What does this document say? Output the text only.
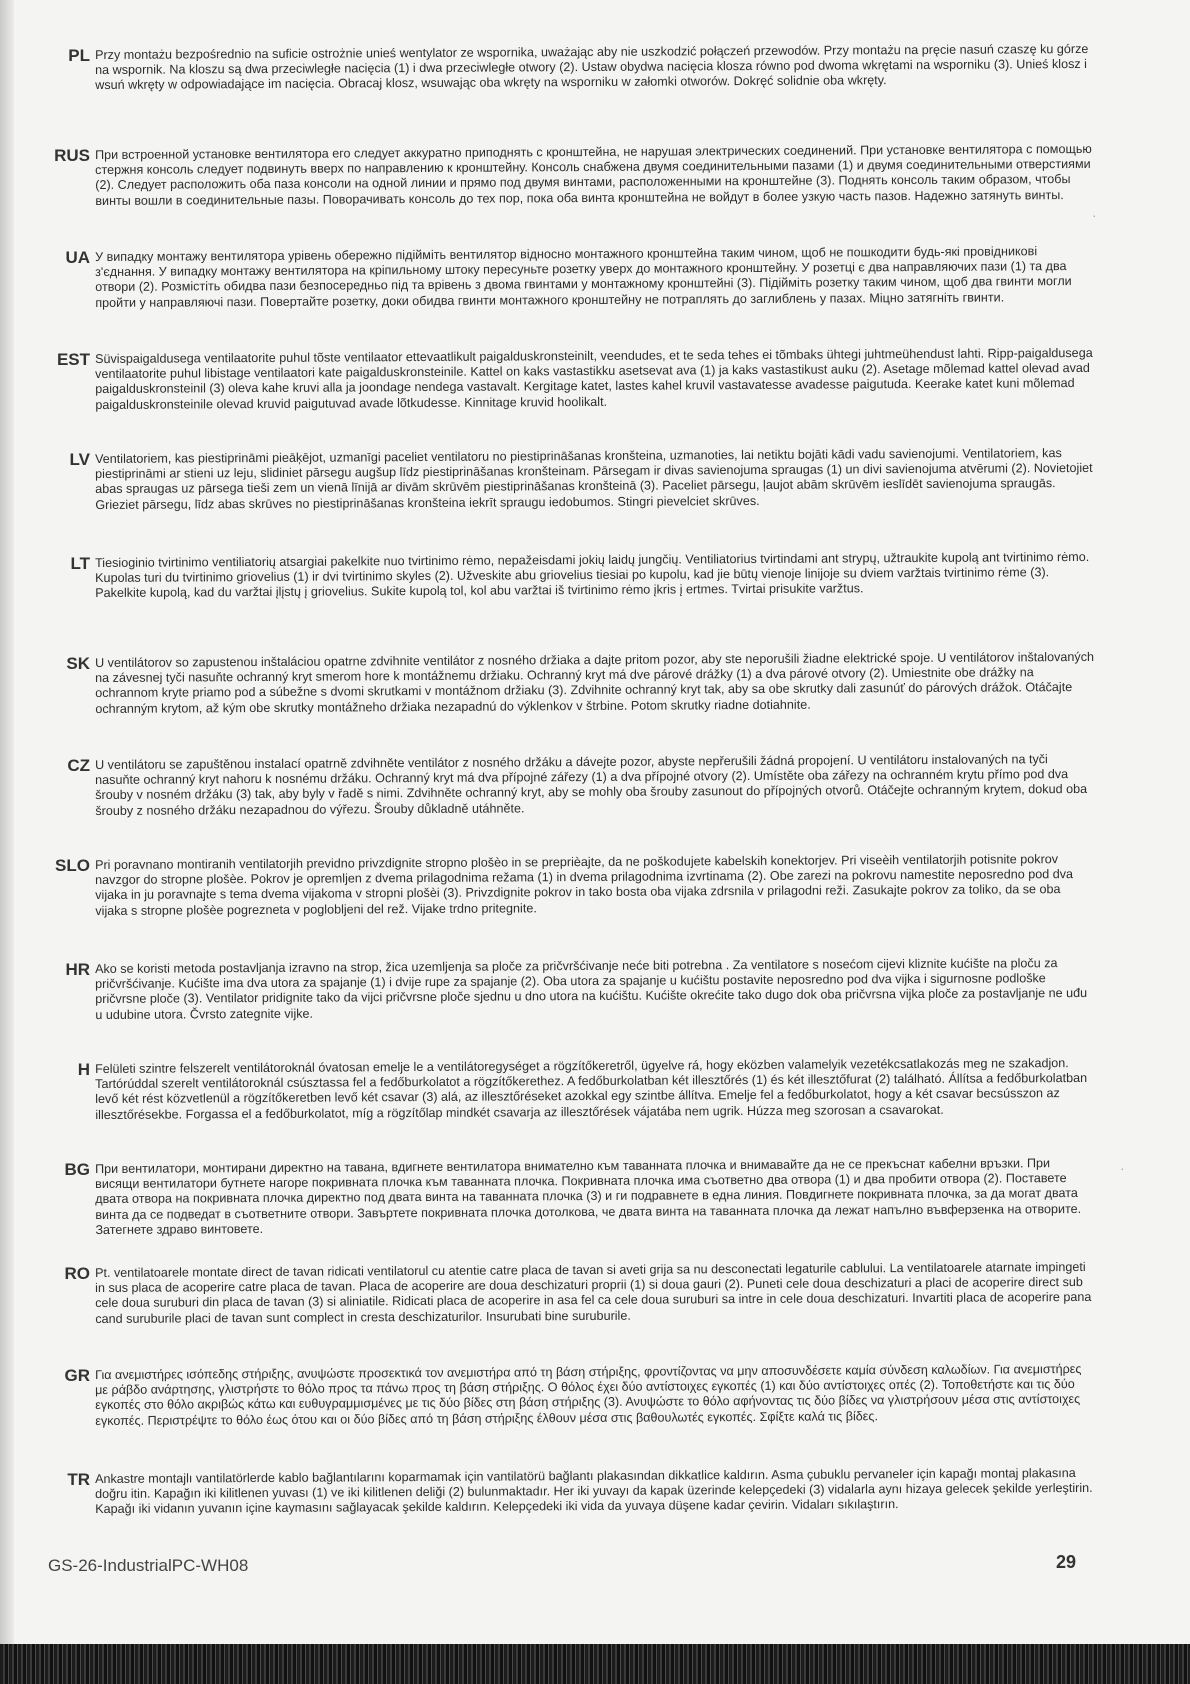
PL Przy montażu bezpośrednio na suficie ostrożnie unieś wentylator ze wspornika, uważając aby nie uszkodzić połączeń przewodów. Przy montażu na pręcie nasuń czaszę ku górze na wspornik. Na kloszu są dwa przeciwległe nacięcia (1) i dwa przeciwległe otwory (2). Ustaw obydwa nacięcia klosza równo pod dwoma wkrętami na wsporniku (3). Unieś klosz i wsuń wkręty w odpowiadające im nacięcia. Obracaj klosz, wsuwając oba wkręty na wsporniku w załomki otworów. Dokręć solidnie oba wkręty.

RUS При встроенной установке вентилятора его следует аккуратно приподнять с кронштейна, не нарушая электрических соединений. При установке вентилятора с помощью стержня консоль следует подвинуть вверх по направлению к кронштейну. Консоль снабжена двумя соединительными пазами (1) и двумя соединительными отверстиями (2). Следует расположить оба паза консоли на одной линии и прямо под двумя винтами, расположенными на кронштейне (3). Поднять консоль таким образом, чтобы винты вошли в соединительные пазы. Поворачивать консоль до тех пор, пока оба винта кронштейна не войдут в более узкую часть пазов. Надежно затянуть винты.

UA У випадку монтажу вентилятора урівень обережно підійміть вентилятор відносно монтажного кронштейна таким чином, щоб не пошкодити будь-які провідникові з'єднання. У випадку монтажу вентилятора на кріпильному штоку пересуньте розетку уверх до монтажного кронштейну. У розетці є два направляючих пази (1) та два отвори (2). Розмістіть обидва пази безпосередньо під та врівень з двома гвинтами у монтажному кронштейні (3). Підійміть розетку таким чином, щоб два гвинти могли пройти у направляючі пази. Повертайте розетку, доки обидва гвинти монтажного кронштейну не потраплять до заглиблень у пазах. Міцно затягніть гвинти.

EST Süvispaigaldusega ventilaatorite puhul tõste ventilaator ettevaatlikult paigalduskronsteinilt, veendudes, et te seda tehes ei tõmbaks ühtegi juhtmeühendust lahti. Ripp-paigaldusega ventilaatorite puhul libistage ventilaatori kate paigalduskronsteinile. Kattel on kaks vastastikku asetsevat ava (1) ja kaks vastastikust auku (2). Asetage mõlemad kattel olevad avad paigalduskronsteinil (3) oleva kahe kruvi alla ja joondage nendega vastavalt. Kergitage katet, lastes kahel kruvil vastavatesse avadesse paigutuda. Keerake katet kuni mõlemad paigalduskronsteinile olevad kruvid paigutuvad avade lõtkudesse. Kinnitage kruvid hoolikalt.

LV Ventilatoriem, kas piestiprināmi pieāķējot, uzmanīgi paceliet ventilatoru no piestiprināšanas kronšteina, uzmanoties, lai netiktu bojāti kādi vadu savienojumi. Ventilatoriem, kas piestiprināmi ar stieni uz leju, slidiniet pārsegu augšup līdz piestiprināšanas kronšteinam. Pārsegam ir divas savienojuma spraugas (1) un divi savienojuma atvērumi (2). Novietojiet abas spraugas uz pārsega tieši zem un vienā līnijā ar divām skrūvēm piestiprināšanas kronšteinā (3). Paceliet pārsegu, ļaujot abām skrūvēm ieslīdēt savienojuma spraugās. Grieziet pārsegu, līdz abas skrūves no piestiprināšanas kronšteina iekrīt spraugu iedobumos. Stingri pievelciet skrūves.

LT Tiesioginio tvirtinimo ventiliatorių atsargiai pakelkite nuo tvirtinimo rėmo, nepažeisdami jokių laidų jungčių. Ventiliatorius tvirtindami ant strypų, užtraukite kupolą ant tvirtinimo rėmo. Kupolas turi du tvirtinimo griovelius (1) ir dvi tvirtinimo skyles (2). Užveskite abu griovelius tiesiai po kupolu, kad jie būtų vienoje linijoje su dviem varžtais tvirtinimo rėme (3). Pakelkite kupolą, kad du varžtai įlįstų į griovelius. Sukite kupolą tol, kol abu varžtai iš tvirtinimo rėmo įkris į ertmes. Tvirtai prisukite varžtus.

SK U ventilátorov so zapustenou inštaláciou opatrne zdvihnite ventilátor z nosného držiaka a dajte pritom pozor, aby ste neporušili žiadne elektrické spoje. U ventilátorov inštalovaných na závesnej tyči nasuňte ochranný kryt smerom hore k montážnemu držiaku. Ochranný kryt má dve párové drážky (1) a dva párové otvory (2). Umiestnite obe drážky na ochrannom kryte priamo pod a súbežne s dvomi skrutkami v montážnom držiaku (3). Zdvihnite ochranný kryt tak, aby sa obe skrutky dali zasunúť do párových drážok. Otáčajte ochranným krytom, až kým obe skrutky montážneho držiaka nezapadnú do výklenkov v štrbine. Potom skrutky riadne dotiahnite.

CZ U ventilátoru se zapuštěnou instalací opatrně zdvihněte ventilátor z nosného držáku a dávejte pozor, abyste nepřerušili žádná propojení. U ventilátoru instalovaných na tyči nasuňte ochranný kryt nahoru k nosnému držáku. Ochranný kryt má dva přípojné zářezy (1) a dva přípojné otvory (2). Umístěte oba zářezy na ochranném krytu přímo pod dva šrouby v nosném držáku (3) tak, aby byly v řadě s nimi. Zdvihněte ochranný kryt, aby se mohly oba šrouby zasunout do přípojných otvorů. Otáčejte ochranným krytem, dokud oba šrouby z nosného držáku nezapadnou do výřezu. Šrouby důkladně utáhněte.

SLO Pri poravnano montiranih ventilatorjih previdno privzdignite stropno plošèo in se preprièajte, da ne poškodujete kabelskih konektorjev. Pri viseèih ventilatorjih potisnite pokrov navzgor do stropne plošèe. Pokrov je opremljen z dvema prilagodnima režama (1) in dvema prilagodnima izvrtinama (2). Obe zarezi na pokrovu namestite neposredno pod dva vijaka in ju poravnajte s tema dvema vijakoma v stropni plošèi (3). Privzdignite pokrov in tako bosta oba vijaka zdrsnila v prilagodni reži. Zasukajte pokrov za toliko, da se oba vijaka s stropne plošèe pogrezneta v poglobljeni del rež. Vijake trdno pritegnite.

HR Ako se koristi metoda postavljanja izravno na strop, žica uzemljenja sa ploče za pričvršćivanje neće biti potrebna . Za ventilatore s nosećom cijevi kliznite kućište na ploču za pričvršćivanje. Kućište ima dva utora za spajanje (1) i dvije rupe za spajanje (2). Oba utora za spajanje u kućištu postavite neposredno pod dva vijka i sigurnosne podloške pričvrsne ploče (3). Ventilator pridignite tako da vijci pričvrsne ploče sjednu u dno utora na kućištu. Kućište okrećite tako dugo dok oba pričvrsna vijka ploče za postavljanje ne uđu u udubine utora. Čvrsto zategnite vijke.

H Felületi szintre felszerelt ventilátoroknál óvatosan emelje le a ventilátoregységet a rögzítőkeretről, ügyelve rá, hogy eközben valamelyik vezetékcsatlakozás meg ne szakadjon. Tartórúddal szerelt ventilátoroknál csúsztassa fel a fedőburkolatot a rögzítőkerethez. A fedőburkolatban két illesztőrés (1) és két illesztőfurat (2) található. Állítsa a fedőburkolatban levő két rést közvetlenül a rögzítőkeretben levő két csavar (3) alá, az illesztőréseket azokkal egy szintbe állítva. Emelje fel a fedőburkolatot, hogy a két csavar becsússzon az illesztőrésekbe. Forgassa el a fedőburkolatot, míg a rögzítőlap mindkét csavarja az illesztőrések vájatába nem ugrik. Húzza meg szorosan a csavarokat.

BG При вентилатори, монтирани директно на тавана, вдигнете вентилатора внимателно към таванната плочка и внимавайте да не се прекъснат кабелни връзки. При висящи вентилатори бутнете нагоре покривната плочка към таванната плочка. Покривната плочка има съответно два отвора (1) и два пробити отвора (2). Поставете двата отвора на покривната плочка директно под двата винта на таванната плочка (3) и ги подравнете в една линия. Повдигнете покривната плочка, за да могат двата винта да се подведат в съответните отвори. Завъртете покривната плочка дотолкова, че двата винта на таванната плочка да лежат напълно въвферзенка на отворите. Затегнете здраво винтовете.

RO Pt. ventilatoarele montate direct de tavan ridicati ventilatorul cu atentie catre placa de tavan si aveti grija sa nu desconectati legaturile cablului. La ventilatoarele atarnate impingeti in sus placa de acoperire catre placa de tavan. Placa de acoperire are doua deschizaturi proprii (1) si doua gauri (2). Puneti cele doua deschizaturi a placi de acoperire direct sub cele doua suruburi din placa de tavan (3) si aliniatile. Ridicati placa de acoperire in asa fel ca cele doua suruburi sa intre in cele doua deschizaturi. Invartiti placa de acoperire pana cand suruburile placi de tavan sunt complect in cresta deschizaturilor. Insurubati bine suruburile.

GR Για ανεμιστήρες ισόπεδης στήριξης, ανυψώστε προσεκτικά τον ανεμιστήρα από τη βάση στήριξης, φροντίζοντας να μην αποσυνδέσετε καμία σύνδεση καλωδίων. Για ανεμιστήρες με ράβδο ανάρτησης, γλιστρήστε το θόλο προς τα πάνω προς τη βάση στήριξης. Ο θόλος έχει δύο αντίστοιχες εγκοπές (1) και δύο αντίστοιχες οπές (2). Τοποθετήστε και τις δύο εγκοπές στο θόλο ακριβώς κάτω και ευθυγραμμισμένες με τις δύο βίδες στη βάση στήριξης (3). Ανυψώστε το θόλο αφήνοντας τις δύο βίδες να γλιστρήσουν μέσα στις αντίστοιχες εγκοπές. Περιστρέψτε το θόλο έως ότου και οι δύο βίδες από τη βάση στήριξης έλθουν μέσα στις βαθουλωτές εγκοπές. Σφίξτε καλά τις βίδες.

TR Ankastre montajlı vantilatörlerde kablo bağlantılarını koparmamak için vantilatörü bağlantı plakasından dikkatlice kaldırın. Asma çubuklu pervaneler için kapağı montaj plakasına doğru itin. Kapağın iki kilitlenen yuvası (1) ve iki kilitlenen deliği (2) bulunmaktadır. Her iki yuvayı da kapak üzerinde kelepçedeki (3) vidalarla aynı hizaya gelecek şekilde yerleştirin. Kapağı iki vidanın yuvanın içine kaymasını sağlayacak şekilde kaldırın. Kelepçedeki iki vida da yuvaya düşene kadar çevirin. Vidaları sıkılaştırın.

·
·
GS-26-IndustrialPC-WH08	29
